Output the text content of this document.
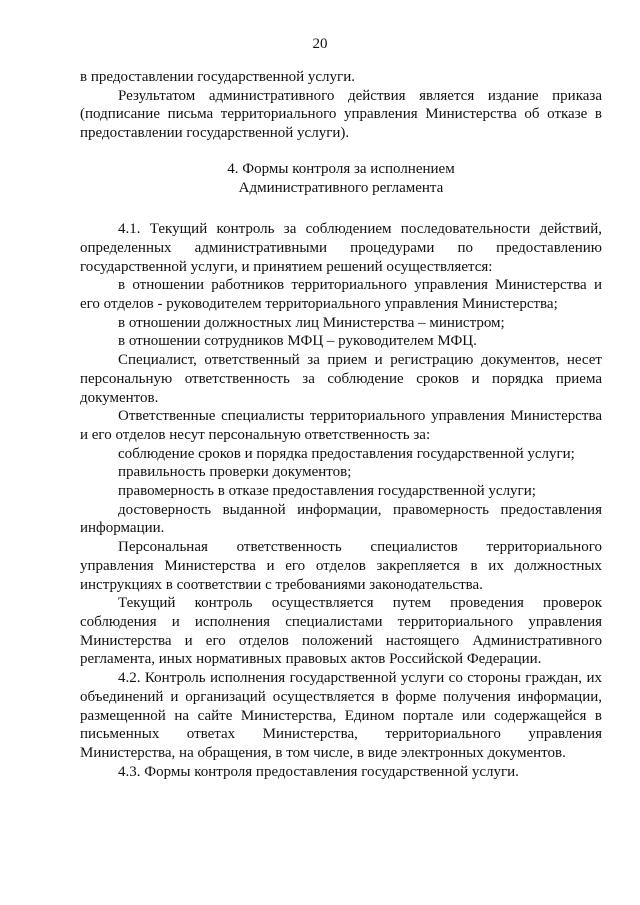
20

в предоставлении государственной услуги.

Результатом административного действия является издание приказа (подписание письма территориального управления Министерства об отказе в предоставлении государственной услуги).

4. Формы контроля за исполнением
Административного регламента

4.1. Текущий контроль за соблюдением последовательности действий, определенных административными процедурами по предоставлению государственной услуги, и принятием решений осуществляется:

в отношении работников территориального управления Министерства и его отделов - руководителем территориального управления Министерства;

в отношении должностных лиц Министерства – министром;

в отношении сотрудников МФЦ – руководителем МФЦ.

Специалист, ответственный за прием и регистрацию документов, несет персональную ответственность за соблюдение сроков и порядка приема документов.

Ответственные специалисты территориального управления Министерства и его отделов несут персональную ответственность за:

соблюдение сроков и порядка предоставления государственной услуги;

правильность проверки документов;

правомерность в отказе предоставления государственной услуги;

достоверность выданной информации, правомерность предоставления информации.

Персональная ответственность специалистов территориального управления Министерства и его отделов закрепляется в их должностных инструкциях в соответствии с требованиями законодательства.

Текущий контроль осуществляется путем проведения проверок соблюдения и исполнения специалистами территориального управления Министерства и его отделов положений настоящего Административного регламента, иных нормативных правовых актов Российской Федерации.

4.2. Контроль исполнения государственной услуги со стороны граждан, их объединений и организаций осуществляется в форме получения информации, размещенной на сайте Министерства, Едином портале или содержащейся в письменных ответах Министерства, территориального управления Министерства, на обращения, в том числе, в виде электронных документов.

4.3. Формы контроля предоставления государственной услуги.
